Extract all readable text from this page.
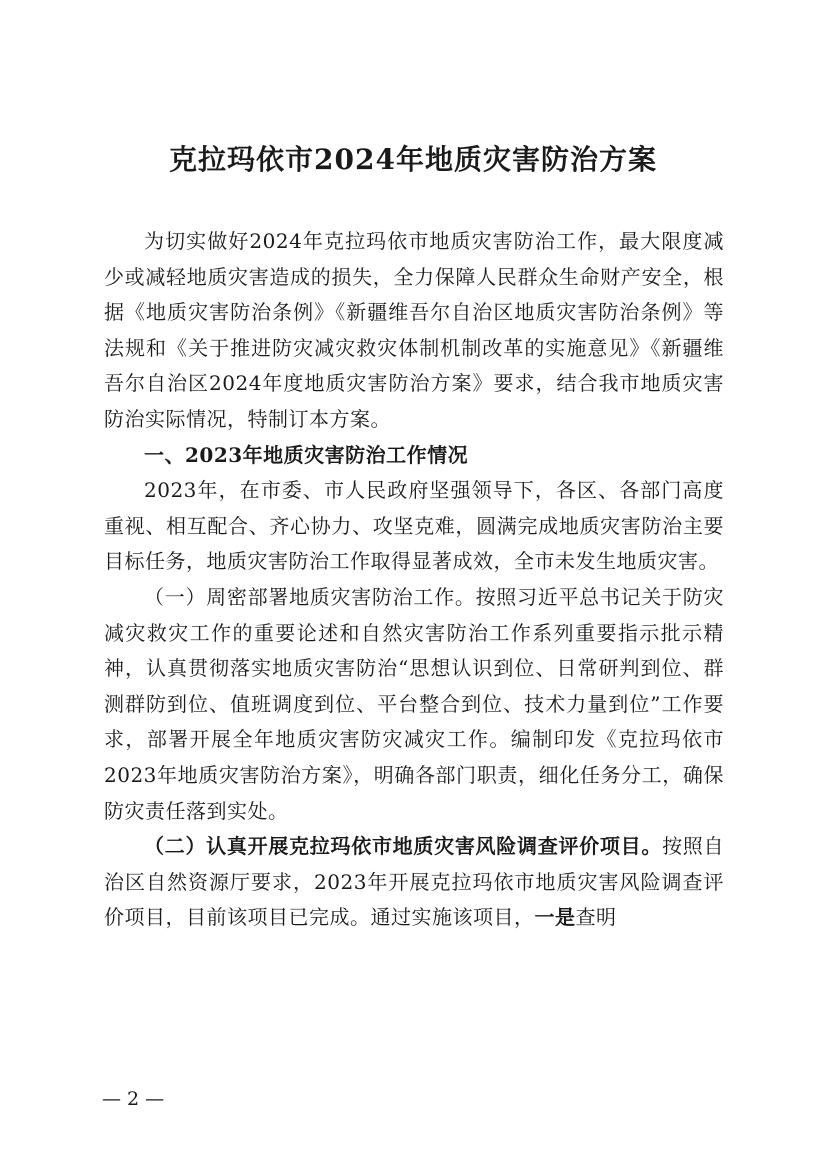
克拉玛依市2024年地质灾害防治方案

为切实做好2024年克拉玛依市地质灾害防治工作，最大限度减少或减轻地质灾害造成的损失，全力保障人民群众生命财产安全，根据《地质灾害防治条例》《新疆维吾尔自治区地质灾害防治条例》等法规和《关于推进防灾减灾救灾体制机制改革的实施意见》《新疆维吾尔自治区2024年度地质灾害防治方案》要求，结合我市地质灾害防治实际情况，特制订本方案。

一、2023年地质灾害防治工作情况

2023年，在市委、市人民政府坚强领导下，各区、各部门高度重视、相互配合、齐心协力、攻坚克难，圆满完成地质灾害防治主要目标任务，地质灾害防治工作取得显著成效，全市未发生地质灾害。

（一）周密部署地质灾害防治工作。按照习近平总书记关于防灾减灾救灾工作的重要论述和自然灾害防治工作系列重要指示批示精神，认真贯彻落实地质灾害防治“思想认识到位、日常研判到位、群测群防到位、值班调度到位、平台整合到位、技术力量到位”工作要求，部署开展全年地质灾害防灾减灾工作。编制印发《克拉玛依市2023年地质灾害防治方案》，明确各部门职责，细化任务分工，确保防灾责任落到实处。

（二）认真开展克拉玛依市地质灾害风险调查评价项目。按照自治区自然资源厅要求，2023年开展克拉玛依市地质灾害风险调查评价项目，目前该项目已完成。通过实施该项目，一是查明

— 2 —
